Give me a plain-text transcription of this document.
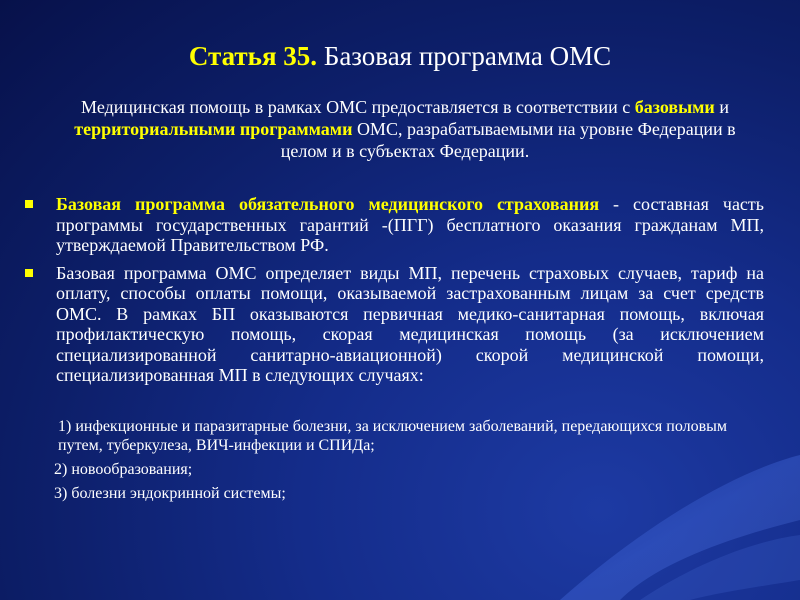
Статья 35. Базовая программа ОМС
Медицинская помощь в рамках ОМС предоставляется в соответствии с базовыми и территориальными программами ОМС, разрабатываемыми на уровне Федерации в целом и в субъектах Федерации.
Базовая программа обязательного медицинского страхования - составная часть программы государственных гарантий -(ПГГ) бесплатного оказания гражданам МП, утверждаемой Правительством РФ.
Базовая программа ОМС определяет виды МП, перечень страховых случаев, тариф на оплату, способы оплаты помощи, оказываемой застрахованным лицам за счет средств ОМС. В рамках БП оказываются первичная медико-санитарная помощь, включая профилактическую помощь, скорая медицинская помощь (за исключением специализированной санитарно-авиационной) скорой медицинской помощи, специализированная МП в следующих случаях:
1) инфекционные и паразитарные болезни, за исключением заболеваний, передающихся половым путем, туберкулеза, ВИЧ-инфекции и СПИДа;
2) новообразования;
3) болезни эндокринной системы;
